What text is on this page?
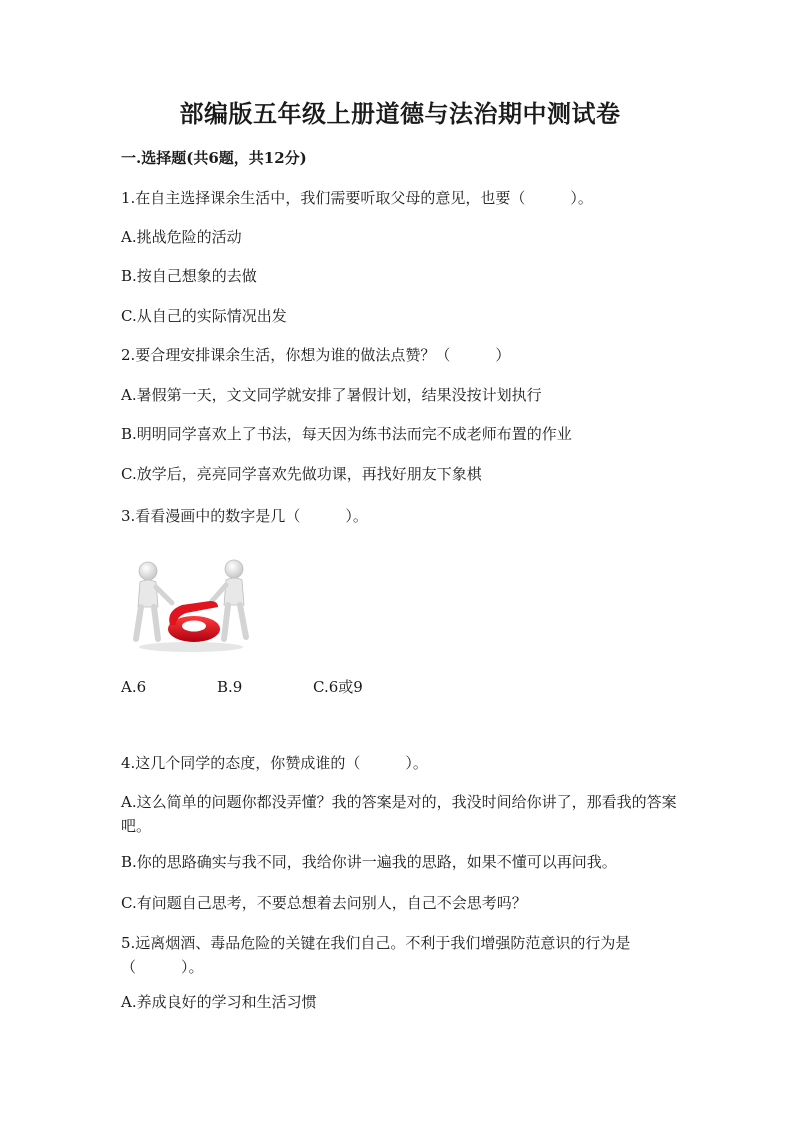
部编版五年级上册道德与法治期中测试卷
一.选择题(共6题，共12分)
1.在自主选择课余生活中，我们需要听取父母的意见，也要（　　　）。
A.挑战危险的活动
B.按自己想象的去做
C.从自己的实际情况出发
2.要合理安排课余生活，你想为谁的做法点赞？（　　　）
A.暑假第一天，文文同学就安排了暑假计划，结果没按计划执行
B.明明同学喜欢上了书法，每天因为练书法而完不成老师布置的作业
C.放学后，亮亮同学喜欢先做功课，再找好朋友下象棋
3.看看漫画中的数字是几（　　　）。
A.6	B.9	C.6或9
4.这几个同学的态度，你赞成谁的（　　　）。
A.这么简单的问题你都没弄懂？我的答案是对的，我没时间给你讲了，那看我的答案吧。
B.你的思路确实与我不同，我给你讲一遍我的思路，如果不懂可以再问我。
C.有问题自己思考，不要总想着去问别人，自己不会思考吗？
5.远离烟酒、毒品危险的关键在我们自己。不利于我们增强防范意识的行为是（　　　）。
A.养成良好的学习和生活习惯
